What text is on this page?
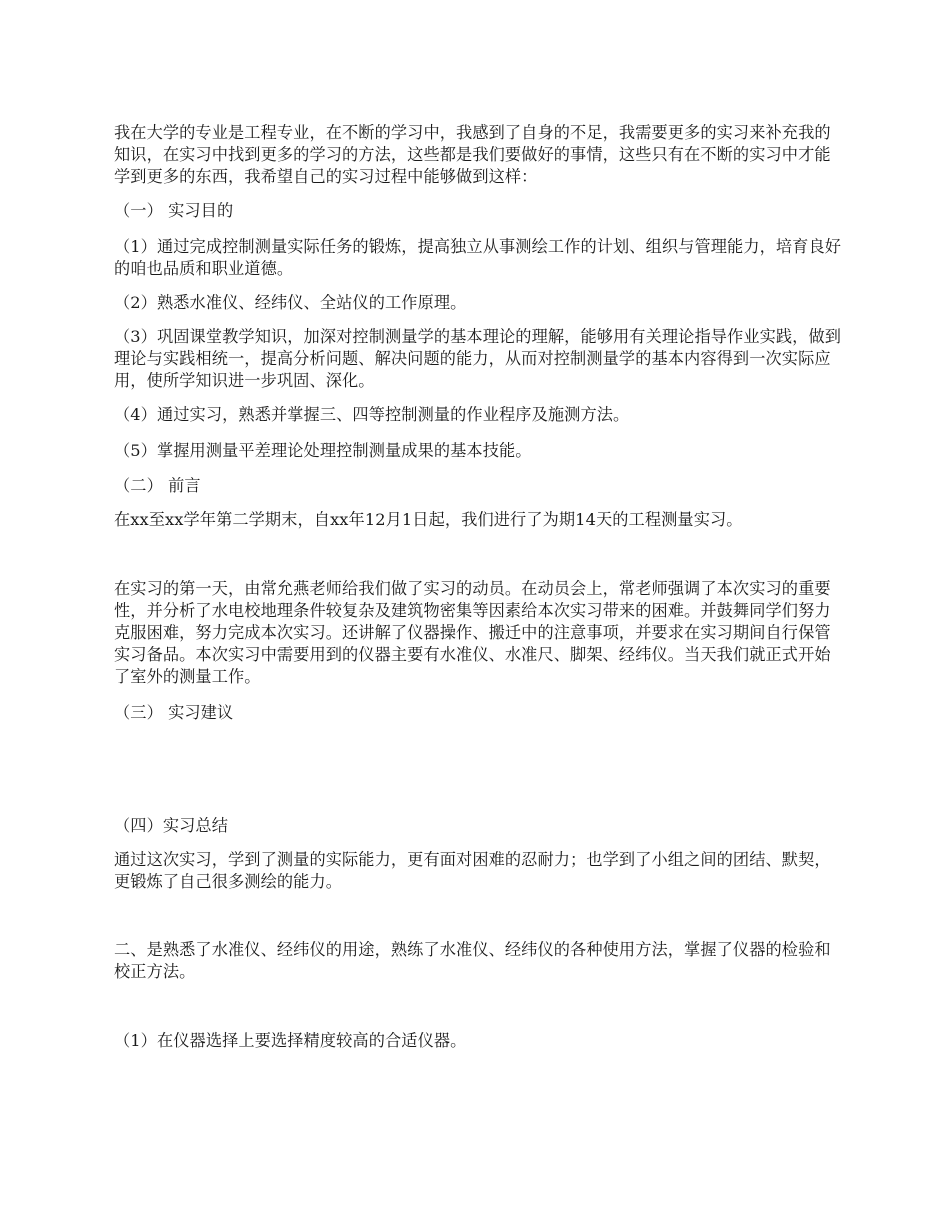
我在大学的专业是工程专业，在不断的学习中，我感到了自身的不足，我需要更多的实习来补充我的知识，在实习中找到更多的学习的方法，这些都是我们要做好的事情，这些只有在不断的实习中才能学到更多的东西，我希望自己的实习过程中能够做到这样：

（一） 实习目的

（1）通过完成控制测量实际任务的锻炼，提高独立从事测绘工作的计划、组织与管理能力，培育良好的咱也品质和职业道德。

（2）熟悉水准仪、经纬仪、全站仪的工作原理。

（3）巩固课堂教学知识，加深对控制测量学的基本理论的理解，能够用有关理论指导作业实践，做到理论与实践相统一，提高分析问题、解决问题的能力，从而对控制测量学的基本内容得到一次实际应用，使所学知识进一步巩固、深化。

（4）通过实习，熟悉并掌握三、四等控制测量的作业程序及施测方法。

（5）掌握用测量平差理论处理控制测量成果的基本技能。

（二） 前言

在xx至xx学年第二学期末，自xx年12月1日起，我们进行了为期14天的工程测量实习。

在实习的第一天，由常允燕老师给我们做了实习的动员。在动员会上，常老师强调了本次实习的重要性，并分析了水电校地理条件较复杂及建筑物密集等因素给本次实习带来的困难。并鼓舞同学们努力克服困难，努力完成本次实习。还讲解了仪器操作、搬迁中的注意事项，并要求在实习期间自行保管实习备品。本次实习中需要用到的仪器主要有水准仪、水准尺、脚架、经纬仪。当天我们就正式开始了室外的测量工作。

（三） 实习建议

（四）实习总结

通过这次实习，学到了测量的实际能力，更有面对困难的忍耐力；也学到了小组之间的团结、默契，更锻炼了自己很多测绘的能力。

二、是熟悉了水准仪、经纬仪的用途，熟练了水准仪、经纬仪的各种使用方法，掌握了仪器的检验和校正方法。

（1）在仪器选择上要选择精度较高的合适仪器。
